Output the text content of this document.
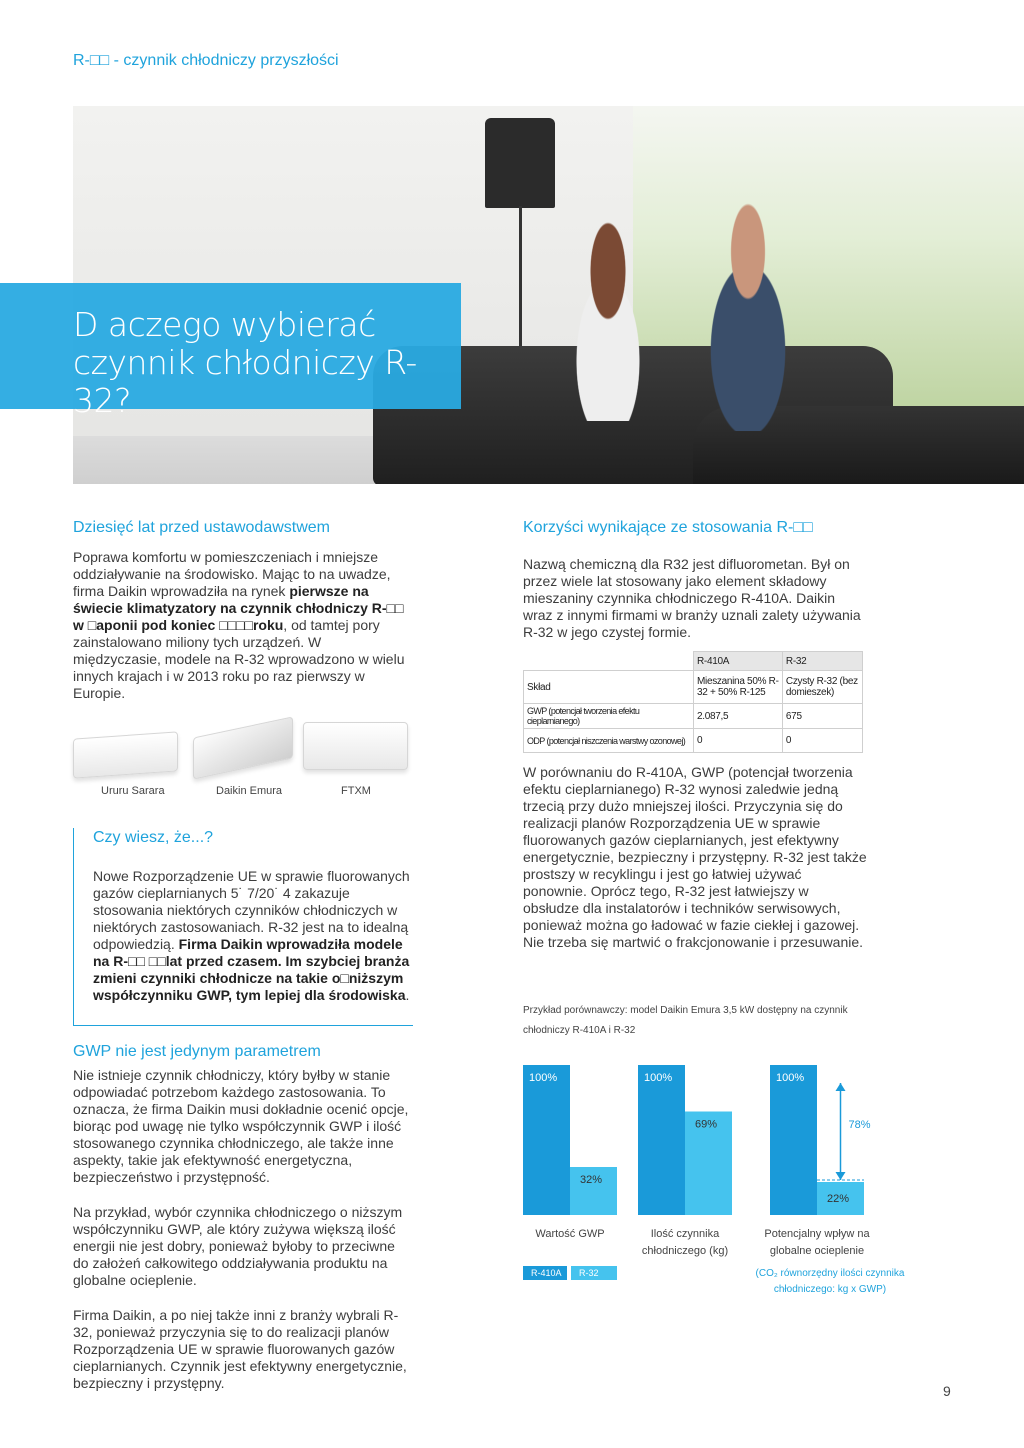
R-□□ - czynnik chłodniczy przyszłości
D aczego wybierać
czynnik chłodniczy R-32?
Dziesięć lat przed ustawodawstwem
Poprawa komfortu w pomieszczeniach i mniejsze oddziaływanie na środowisko. Mając to na uwadze, firma Daikin wprowadziła na rynek pierwsze na świecie klimatyzatory na czynnik chłodniczy R-□□ w □aponii pod koniec □□□□roku, od tamtej pory zainstalowano miliony tych urządzeń. W międzyczasie, modele na R-32 wprowadzono w wielu innych krajach i w 2013 roku po raz pierwszy w Europie.
Ururu Sarara	Daikin Emura	FTXM
Czy wiesz, że...?
Nowe Rozporządzenie UE w sprawie fluorowanych gazów cieplarnianych 5˙ 7/20˙ 4 zakazuje stosowania niektórych czynników chłodniczych w niektórych zastosowaniach. R-32 jest na to idealną odpowiedzią. Firma Daikin wprowadziła modele na R-□□ □□lat przed czasem. Im szybciej branża zmieni czynniki chłodnicze na takie o□niższym współczynniku GWP, tym lepiej dla środowiska.
GWP nie jest jedynym parametrem
Nie istnieje czynnik chłodniczy, który byłby w stanie odpowiadać potrzebom każdego zastosowania. To oznacza, że firma Daikin musi dokładnie ocenić opcje, biorąc pod uwagę nie tylko współczynnik GWP i ilość stosowanego czynnika chłodniczego, ale także inne aspekty, takie jak efektywność energetyczna, bezpieczeństwo i przystępność.
Na przykład, wybór czynnika chłodniczego o niższym współczynniku GWP, ale który zużywa większą ilość energii nie jest dobry, ponieważ byłoby to przeciwne do założeń całkowitego oddziaływania produktu na globalne ocieplenie.
Firma Daikin, a po niej także inni z branży wybrali R-32, ponieważ przyczynia się to do realizacji planów Rozporządzenia UE w sprawie fluorowanych gazów cieplarnianych. Czynnik jest efektywny energetycznie, bezpieczny i przystępny.
Korzyści wynikające ze stosowania R-□□
Nazwą chemiczną dla R32 jest difluorometan. Był on przez wiele lat stosowany jako element składowy mieszaniny czynnika chłodniczego R-410A. Daikin wraz z innymi firmami w branży uznali zalety używania R-32 w jego czystej formie.
	R-410A	R-32
Skład	Mieszanina 50% R-32 + 50% R-125	Czysty R-32 (bez domieszek)
GWP (potencjał tworzenia efektu cieplarnianego)	2.087,5	675
ODP (potencjał niszczenia warstwy ozonowej)	0	0
W porównaniu do R-410A, GWP (potencjał tworzenia efektu cieplarnianego) R-32 wynosi zaledwie jedną trzecią przy dużo mniejszej ilości. Przyczynia się do realizacji planów Rozporządzenia UE w sprawie fluorowanych gazów cieplarnianych, jest efektywny energetycznie, bezpieczny i przystępny. R-32 jest także prostszy w recyklingu i jest go łatwiej używać ponownie. Oprócz tego, R-32 jest łatwiejszy w obsłudze dla instalatorów i techników serwisowych, ponieważ można go ładować w fazie ciekłej i gazowej. Nie trzeba się martwić o frakcjonowanie i przesuwanie.
Przykład porównawczy: model Daikin Emura 3,5 kW dostępny na czynnik chłodniczy R-410A i R-32
100%
32%
Wartość GWP
100%
69%
Ilość czynnika
chłodniczego (kg)
100%
22%
Potencjalny wpływ na
globalne ocieplenie
78%
R-410A	R-32	(CO₂ równorzędny ilości czynnika chłodniczego: kg x GWP)
9
